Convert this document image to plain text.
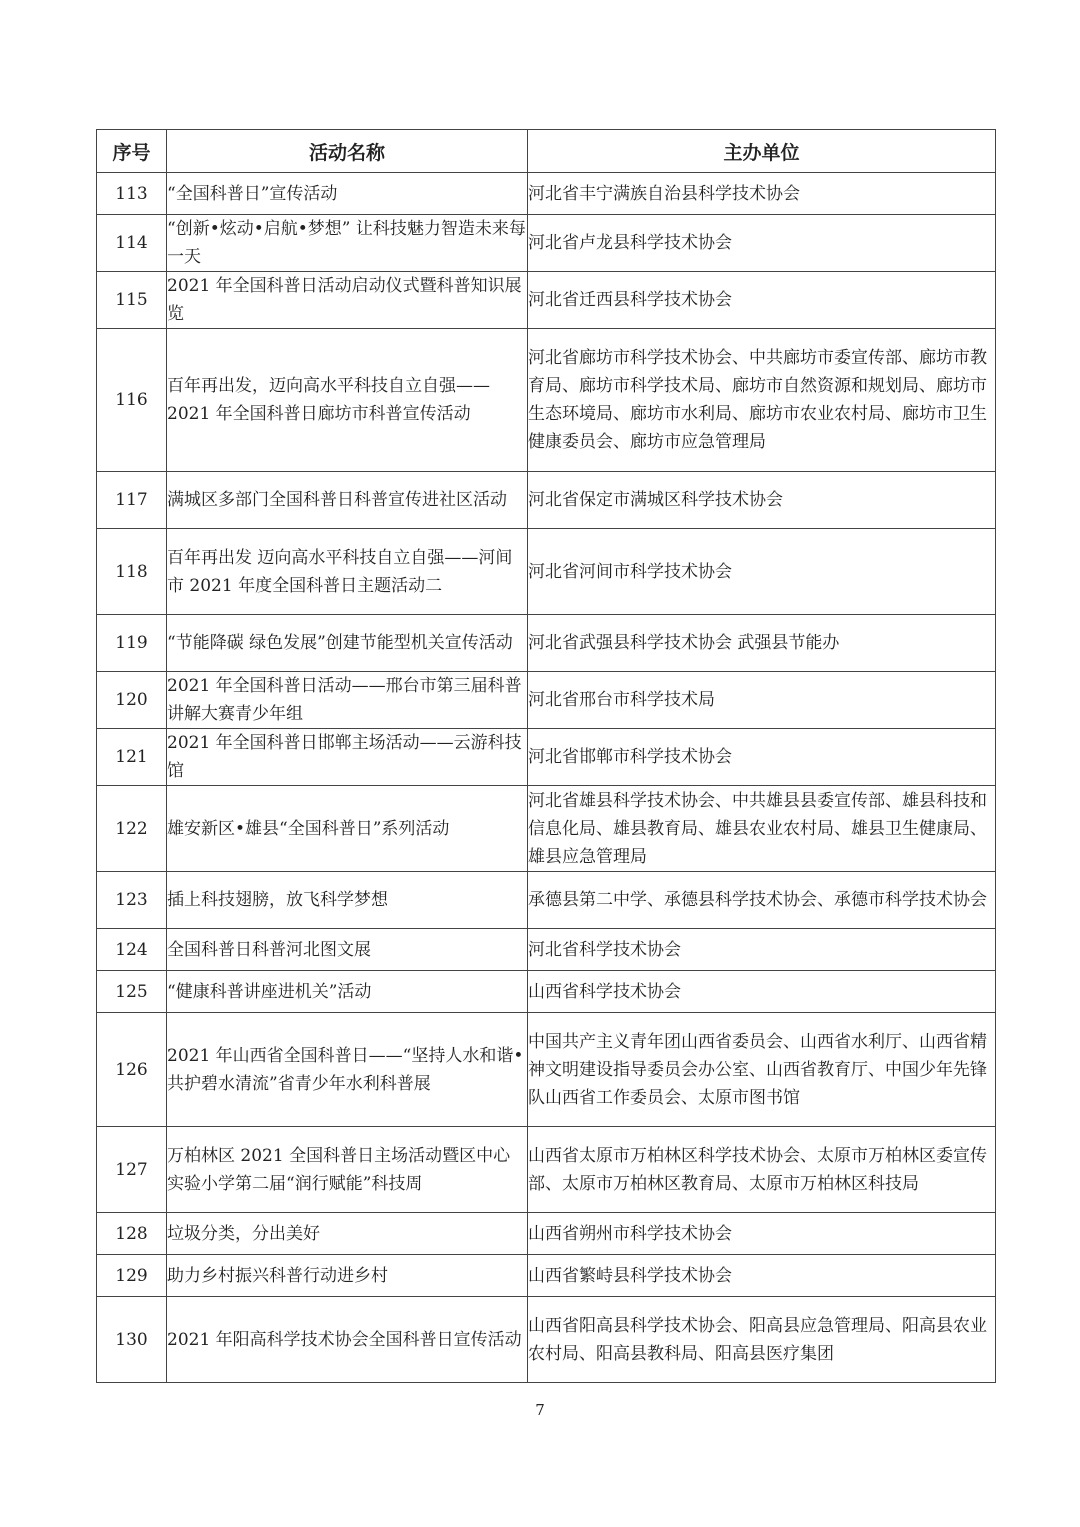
序号	活动名称	主办单位
113	“全国科普日”宣传活动	河北省丰宁满族自治县科学技术协会
114	“创新•炫动•启航•梦想” 让科技魅力智造未来每一天	河北省卢龙县科学技术协会
115	2021 年全国科普日活动启动仪式暨科普知识展览	河北省迁西县科学技术协会
116	百年再出发，迈向高水平科技自立自强——2021 年全国科普日廊坊市科普宣传活动	河北省廊坊市科学技术协会、中共廊坊市委宣传部、廊坊市教育局、廊坊市科学技术局、廊坊市自然资源和规划局、廊坊市生态环境局、廊坊市水利局、廊坊市农业农村局、廊坊市卫生健康委员会、廊坊市应急管理局
117	满城区多部门全国科普日科普宣传进社区活动	河北省保定市满城区科学技术协会
118	百年再出发 迈向高水平科技自立自强——河间市 2021 年度全国科普日主题活动二	河北省河间市科学技术协会
119	“节能降碳 绿色发展”创建节能型机关宣传活动	河北省武强县科学技术协会 武强县节能办
120	2021 年全国科普日活动——邢台市第三届科普讲解大赛青少年组	河北省邢台市科学技术局
121	2021 年全国科普日邯郸主场活动——云游科技馆	河北省邯郸市科学技术协会
122	雄安新区•雄县“全国科普日”系列活动	河北省雄县科学技术协会、中共雄县县委宣传部、雄县科技和信息化局、雄县教育局、雄县农业农村局、雄县卫生健康局、雄县应急管理局
123	插上科技翅膀，放飞科学梦想	承德县第二中学、承德县科学技术协会、承德市科学技术协会
124	全国科普日科普河北图文展	河北省科学技术协会
125	“健康科普讲座进机关”活动	山西省科学技术协会
126	2021 年山西省全国科普日——“坚持人水和谐•共护碧水清流”省青少年水利科普展	中国共产主义青年团山西省委员会、山西省水利厅、山西省精神文明建设指导委员会办公室、山西省教育厅、中国少年先锋队山西省工作委员会、太原市图书馆
127	万柏林区 2021 全国科普日主场活动暨区中心实验小学第二届“润行赋能”科技周	山西省太原市万柏林区科学技术协会、太原市万柏林区委宣传部、太原市万柏林区教育局、太原市万柏林区科技局
128	垃圾分类，分出美好	山西省朔州市科学技术协会
129	助力乡村振兴科普行动进乡村	山西省繁峙县科学技术协会
130	2021 年阳高科学技术协会全国科普日宣传活动	山西省阳高县科学技术协会、阳高县应急管理局、阳高县农业农村局、阳高县教科局、阳高县医疗集团
7
